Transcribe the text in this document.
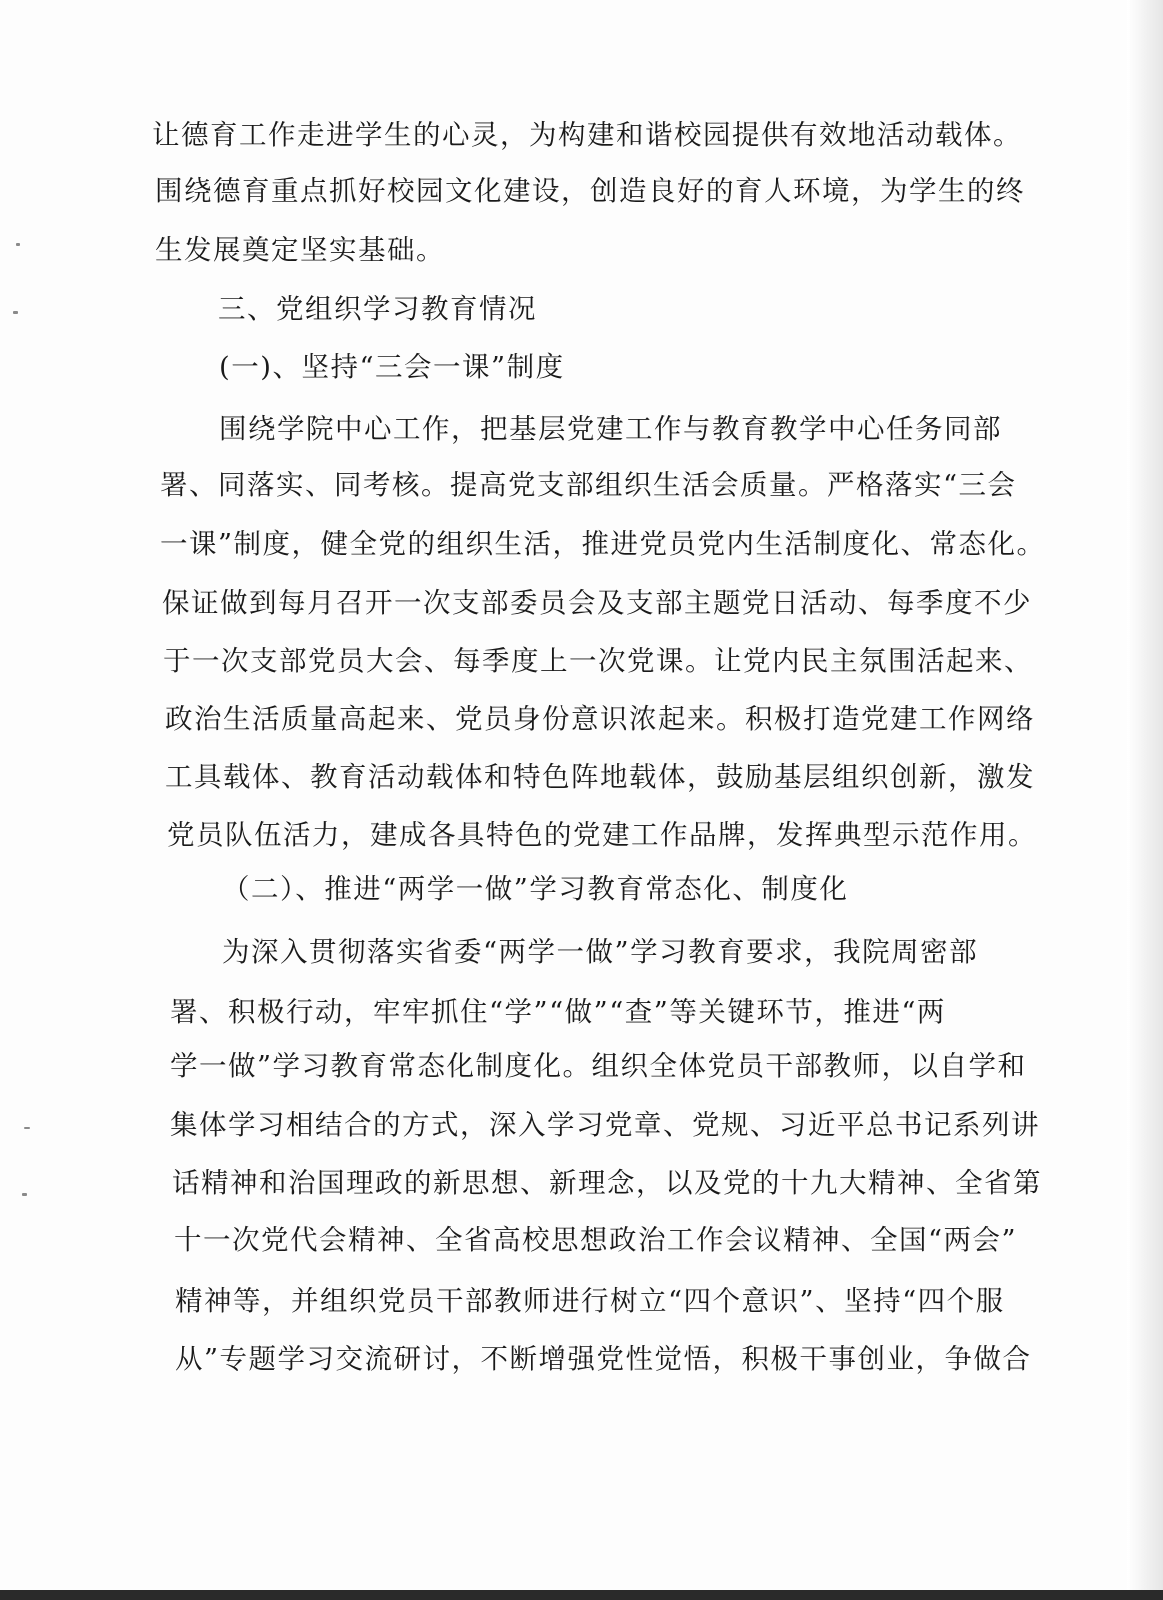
让德育工作走进学生的心灵，为构建和谐校园提供有效地活动载体。
围绕德育重点抓好校园文化建设，创造良好的育人环境，为学生的终
生发展奠定坚实基础。
三、党组织学习教育情况
(一)、坚持“三会一课”制度
围绕学院中心工作，把基层党建工作与教育教学中心任务同部
署、同落实、同考核。提高党支部组织生活会质量。严格落实“三会
一课”制度，健全党的组织生活，推进党员党内生活制度化、常态化。
保证做到每月召开一次支部委员会及支部主题党日活动、每季度不少
于一次支部党员大会、每季度上一次党课。让党内民主氛围活起来、
政治生活质量高起来、党员身份意识浓起来。积极打造党建工作网络
工具载体、教育活动载体和特色阵地载体，鼓励基层组织创新，激发
党员队伍活力，建成各具特色的党建工作品牌，发挥典型示范作用。
（二）、推进“两学一做”学习教育常态化、制度化
为深入贯彻落实省委“两学一做”学习教育要求，我院周密部
署、积极行动，牢牢抓住“学”“做”“查”等关键环节，推进“两
学一做”学习教育常态化制度化。组织全体党员干部教师，以自学和
集体学习相结合的方式，深入学习党章、党规、习近平总书记系列讲
话精神和治国理政的新思想、新理念，以及党的十九大精神、全省第
十一次党代会精神、全省高校思想政治工作会议精神、全国“两会”
精神等，并组织党员干部教师进行树立“四个意识”、坚持“四个服
从”专题学习交流研讨，不断增强党性觉悟，积极干事创业，争做合
